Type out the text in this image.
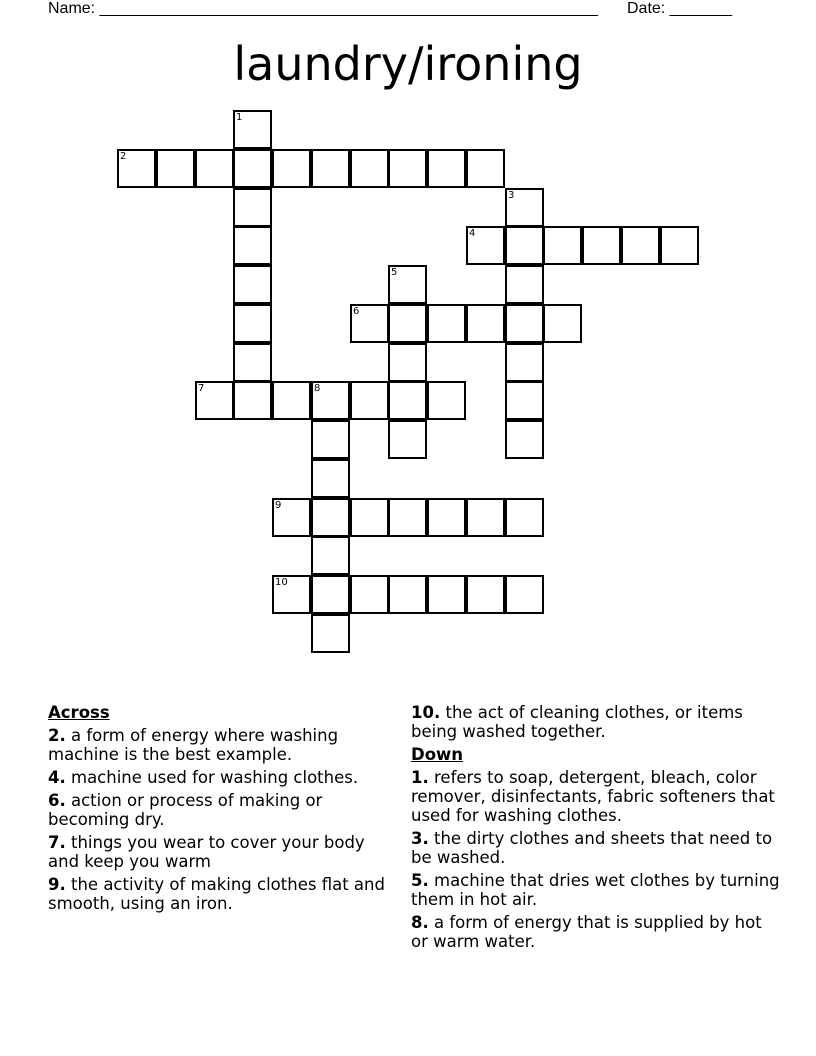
Name: ________________________________________________________ Date: _______
laundry/ironing
1
2
3
4
5
6
7	8
9
10
Across
2. a form of energy where washing machine is the best example.
4. machine used for washing clothes.
6. action or process of making or becoming dry.
7. things you wear to cover your body and keep you warm
9. the activity of making clothes flat and smooth, using an iron.
10. the act of cleaning clothes, or items being washed together.
Down
1. refers to soap, detergent, bleach, color remover, disinfectants, fabric softeners that used for washing clothes.
3. the dirty clothes and sheets that need to be washed.
5. machine that dries wet clothes by turning them in hot air.
8. a form of energy that is supplied by hot or warm water.
